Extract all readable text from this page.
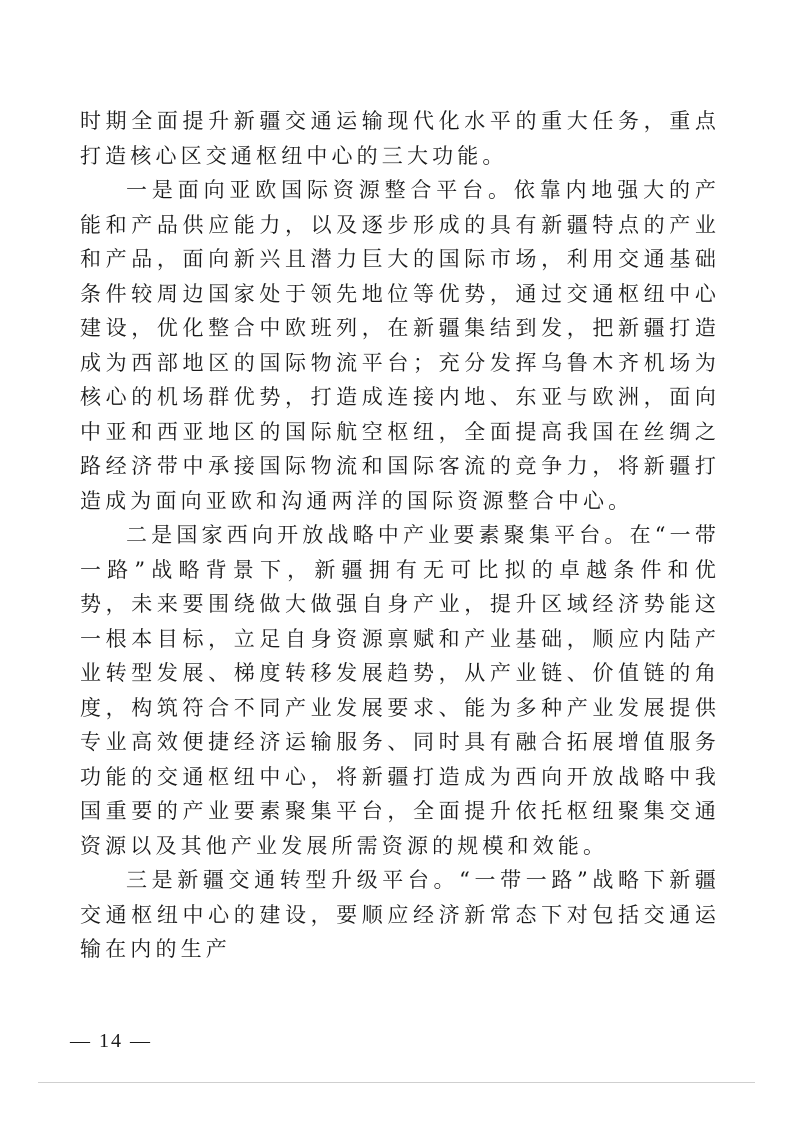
时期全面提升新疆交通运输现代化水平的重大任务，重点打造核心区交通枢纽中心的三大功能。

一是面向亚欧国际资源整合平台。依靠内地强大的产能和产品供应能力，以及逐步形成的具有新疆特点的产业和产品，面向新兴且潜力巨大的国际市场，利用交通基础条件较周边国家处于领先地位等优势，通过交通枢纽中心建设，优化整合中欧班列，在新疆集结到发，把新疆打造成为西部地区的国际物流平台；充分发挥乌鲁木齐机场为核心的机场群优势，打造成连接内地、东亚与欧洲，面向中亚和西亚地区的国际航空枢纽，全面提高我国在丝绸之路经济带中承接国际物流和国际客流的竞争力，将新疆打造成为面向亚欧和沟通两洋的国际资源整合中心。

二是国家西向开放战略中产业要素聚集平台。在“一带一路”战略背景下，新疆拥有无可比拟的卓越条件和优势，未来要围绕做大做强自身产业，提升区域经济势能这一根本目标，立足自身资源禀赋和产业基础，顺应内陆产业转型发展、梯度转移发展趋势，从产业链、价值链的角度，构筑符合不同产业发展要求、能为多种产业发展提供专业高效便捷经济运输服务、同时具有融合拓展增值服务功能的交通枢纽中心，将新疆打造成为西向开放战略中我国重要的产业要素聚集平台，全面提升依托枢纽聚集交通资源以及其他产业发展所需资源的规模和效能。

三是新疆交通转型升级平台。“一带一路”战略下新疆交通枢纽中心的建设，要顺应经济新常态下对包括交通运输在内的生产

— 14 —
